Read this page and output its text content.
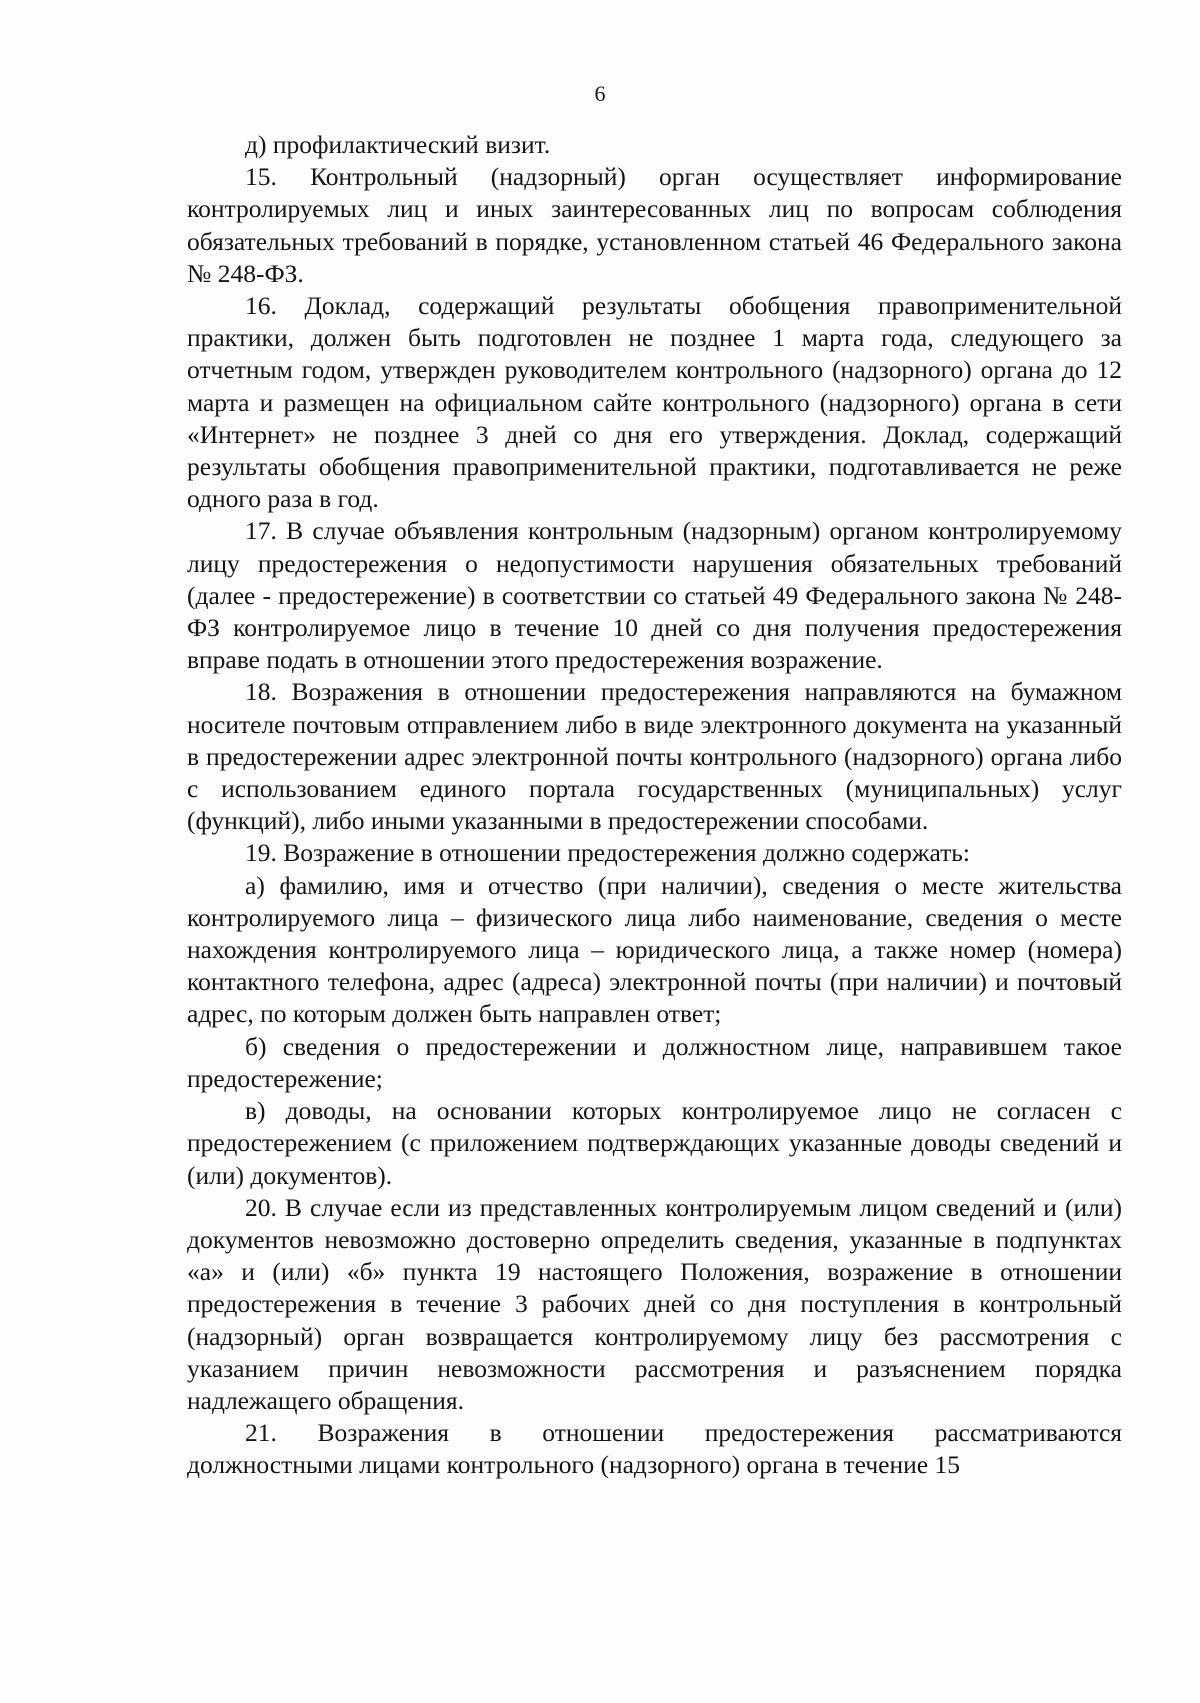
6

д) профилактический визит.

15. Контрольный (надзорный) орган осуществляет информирование контролируемых лиц и иных заинтересованных лиц по вопросам соблюдения обязательных требований в порядке, установленном статьей 46 Федерального закона № 248-ФЗ.

16. Доклад, содержащий результаты обобщения правоприменительной практики, должен быть подготовлен не позднее 1 марта года, следующего за отчетным годом, утвержден руководителем контрольного (надзорного) органа до 12 марта и размещен на официальном сайте контрольного (надзорного) органа в сети «Интернет» не позднее 3 дней со дня его утверждения. Доклад, содержащий результаты обобщения правоприменительной практики, подготавливается не реже одного раза в год.

17. В случае объявления контрольным (надзорным) органом контролируемому лицу предостережения о недопустимости нарушения обязательных требований (далее - предостережение) в соответствии со статьей 49 Федерального закона № 248-ФЗ контролируемое лицо в течение 10 дней со дня получения предостережения вправе подать в отношении этого предостережения возражение.

18. Возражения в отношении предостережения направляются на бумажном носителе почтовым отправлением либо в виде электронного документа на указанный в предостережении адрес электронной почты контрольного (надзорного) органа либо с использованием единого портала государственных (муниципальных) услуг (функций), либо иными указанными в предостережении способами.

19. Возражение в отношении предостережения должно содержать:

а) фамилию, имя и отчество (при наличии), сведения о месте жительства контролируемого лица – физического лица либо наименование, сведения о месте нахождения контролируемого лица – юридического лица, а также номер (номера) контактного телефона, адрес (адреса) электронной почты (при наличии) и почтовый адрес, по которым должен быть направлен ответ;

б) сведения о предостережении и должностном лице, направившем такое предостережение;

в) доводы, на основании которых контролируемое лицо не согласен с предостережением (с приложением подтверждающих указанные доводы сведений и (или) документов).

20. В случае если из представленных контролируемым лицом сведений и (или) документов невозможно достоверно определить сведения, указанные в подпунктах «а» и (или) «б» пункта 19 настоящего Положения, возражение в отношении предостережения в течение 3 рабочих дней со дня поступления в контрольный (надзорный) орган возвращается контролируемому лицу без рассмотрения с указанием причин невозможности рассмотрения и разъяснением порядка надлежащего обращения.

21. Возражения в отношении предостережения рассматриваются должностными лицами контрольного (надзорного) органа в течение 15
